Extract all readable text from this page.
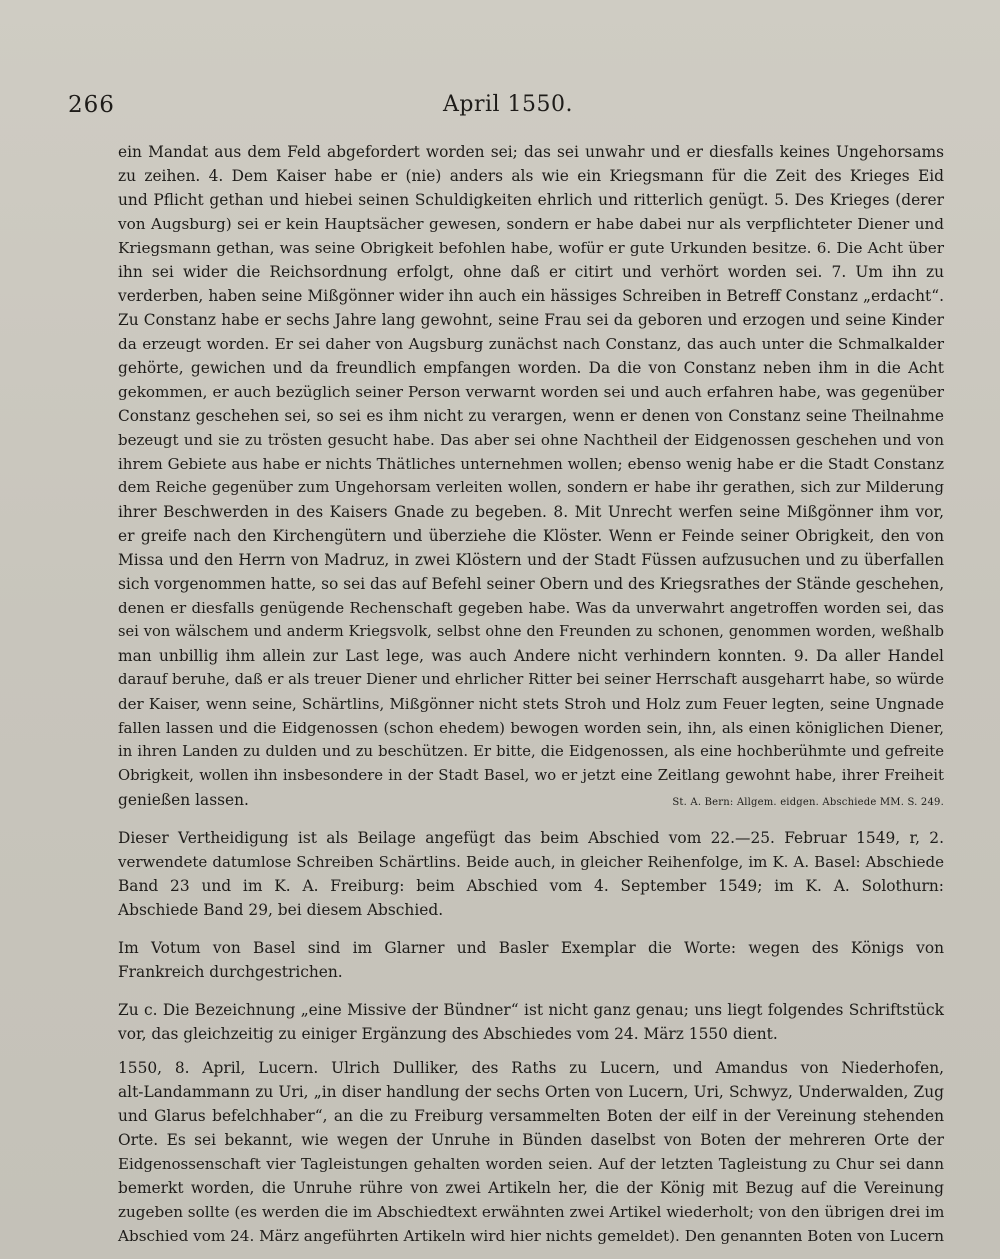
266	April 1550.
ein Mandat aus dem Feld abgefordert worden sei; das sei unwahr und er diesfalls keines Ungehorsams
zu zeihen. 4. Dem Kaiser habe er (nie) anders als wie ein Kriegsmann für die Zeit des Krieges Eid
und Pflicht gethan und hiebei seinen Schuldigkeiten ehrlich und ritterlich genügt. 5. Des Krieges (derer
von Augsburg) sei er kein Hauptsächer gewesen, sondern er habe dabei nur als verpflichteter Diener und
Kriegsmann gethan, was seine Obrigkeit befohlen habe, wofür er gute Urkunden besitze. 6. Die Acht über
ihn sei wider die Reichsordnung erfolgt, ohne daß er citirt und verhört worden sei. 7. Um ihn zu
verderben, haben seine Mißgönner wider ihn auch ein hässiges Schreiben in Betreff Constanz „erdacht“.
Zu Constanz habe er sechs Jahre lang gewohnt, seine Frau sei da geboren und erzogen und seine Kinder
da erzeugt worden. Er sei daher von Augsburg zunächst nach Constanz, das auch unter die Schmalkalder
gehörte, gewichen und da freundlich empfangen worden. Da die von Constanz neben ihm in die Acht
gekommen, er auch bezüglich seiner Person verwarnt worden sei und auch erfahren habe, was gegenüber
Constanz geschehen sei, so sei es ihm nicht zu verargen, wenn er denen von Constanz seine Theilnahme
bezeugt und sie zu trösten gesucht habe. Das aber sei ohne Nachtheil der Eidgenossen geschehen und von
ihrem Gebiete aus habe er nichts Thätliches unternehmen wollen; ebenso wenig habe er die Stadt Constanz
dem Reiche gegenüber zum Ungehorsam verleiten wollen, sondern er habe ihr gerathen, sich zur Milderung
ihrer Beschwerden in des Kaisers Gnade zu begeben. 8. Mit Unrecht werfen seine Mißgönner ihm vor,
er greife nach den Kirchengütern und überziehe die Klöster. Wenn er Feinde seiner Obrigkeit, den von
Missa und den Herrn von Madruz, in zwei Klöstern und der Stadt Füssen aufzusuchen und zu überfallen
sich vorgenommen hatte, so sei das auf Befehl seiner Obern und des Kriegsrathes der Stände geschehen,
denen er diesfalls genügende Rechenschaft gegeben habe. Was da unverwahrt angetroffen worden sei, das
sei von wälschem und anderm Kriegsvolk, selbst ohne den Freunden zu schonen, genommen worden, weßhalb
man unbillig ihm allein zur Last lege, was auch Andere nicht verhindern konnten. 9. Da aller Handel
darauf beruhe, daß er als treuer Diener und ehrlicher Ritter bei seiner Herrschaft ausgeharrt habe, so würde
der Kaiser, wenn seine, Schärtlins, Mißgönner nicht stets Stroh und Holz zum Feuer legten, seine Ungnade
fallen lassen und die Eidgenossen (schon ehedem) bewogen worden sein, ihn, als einen königlichen Diener,
in ihren Landen zu dulden und zu beschützen. Er bitte, die Eidgenossen, als eine hochberühmte und gefreite
Obrigkeit, wollen ihn insbesondere in der Stadt Basel, wo er jetzt eine Zeitlang gewohnt habe, ihrer Freiheit
genießen lassen.	St. A. Bern: Allgem. eidgen. Abschiede MM. S. 249.
Dieser Vertheidigung ist als Beilage angefügt das beim Abschied vom 22.—25. Februar 1549, r, 2.
verwendete datumlose Schreiben Schärtlins. Beide auch, in gleicher Reihenfolge, im K. A. Basel: Abschiede
Band 23 und im K. A. Freiburg: beim Abschied vom 4. September 1549; im K. A. Solothurn:
Abschiede Band 29, bei diesem Abschied.
Im Votum von Basel sind im Glarner und Basler Exemplar die Worte: wegen des Königs von
Frankreich durchgestrichen.
Zu c. Die Bezeichnung „eine Missive der Bündner“ ist nicht ganz genau; uns liegt folgendes Schriftstück
vor, das gleichzeitig zu einiger Ergänzung des Abschiedes vom 24. März 1550 dient.
1550, 8. April, Lucern. Ulrich Dulliker, des Raths zu Lucern, und Amandus von Niederhofen,
alt-Landammann zu Uri, „in diser handlung der sechs Orten von Lucern, Uri, Schwyz, Underwalden, Zug
und Glarus befelchhaber“, an die zu Freiburg versammelten Boten der eilf in der Vereinung stehenden
Orte. Es sei bekannt, wie wegen der Unruhe in Bünden daselbst von Boten der mehreren Orte der
Eidgenossenschaft vier Tagleistungen gehalten worden seien. Auf der letzten Tagleistung zu Chur sei dann
bemerkt worden, die Unruhe rühre von zwei Artikeln her, die der König mit Bezug auf die Vereinung
zugeben sollte (es werden die im Abschiedtext erwähnten zwei Artikel wiederholt; von den übrigen drei im
Abschied vom 24. März angeführten Artikeln wird hier nichts gemeldet). Den genannten Boten von Lucern
